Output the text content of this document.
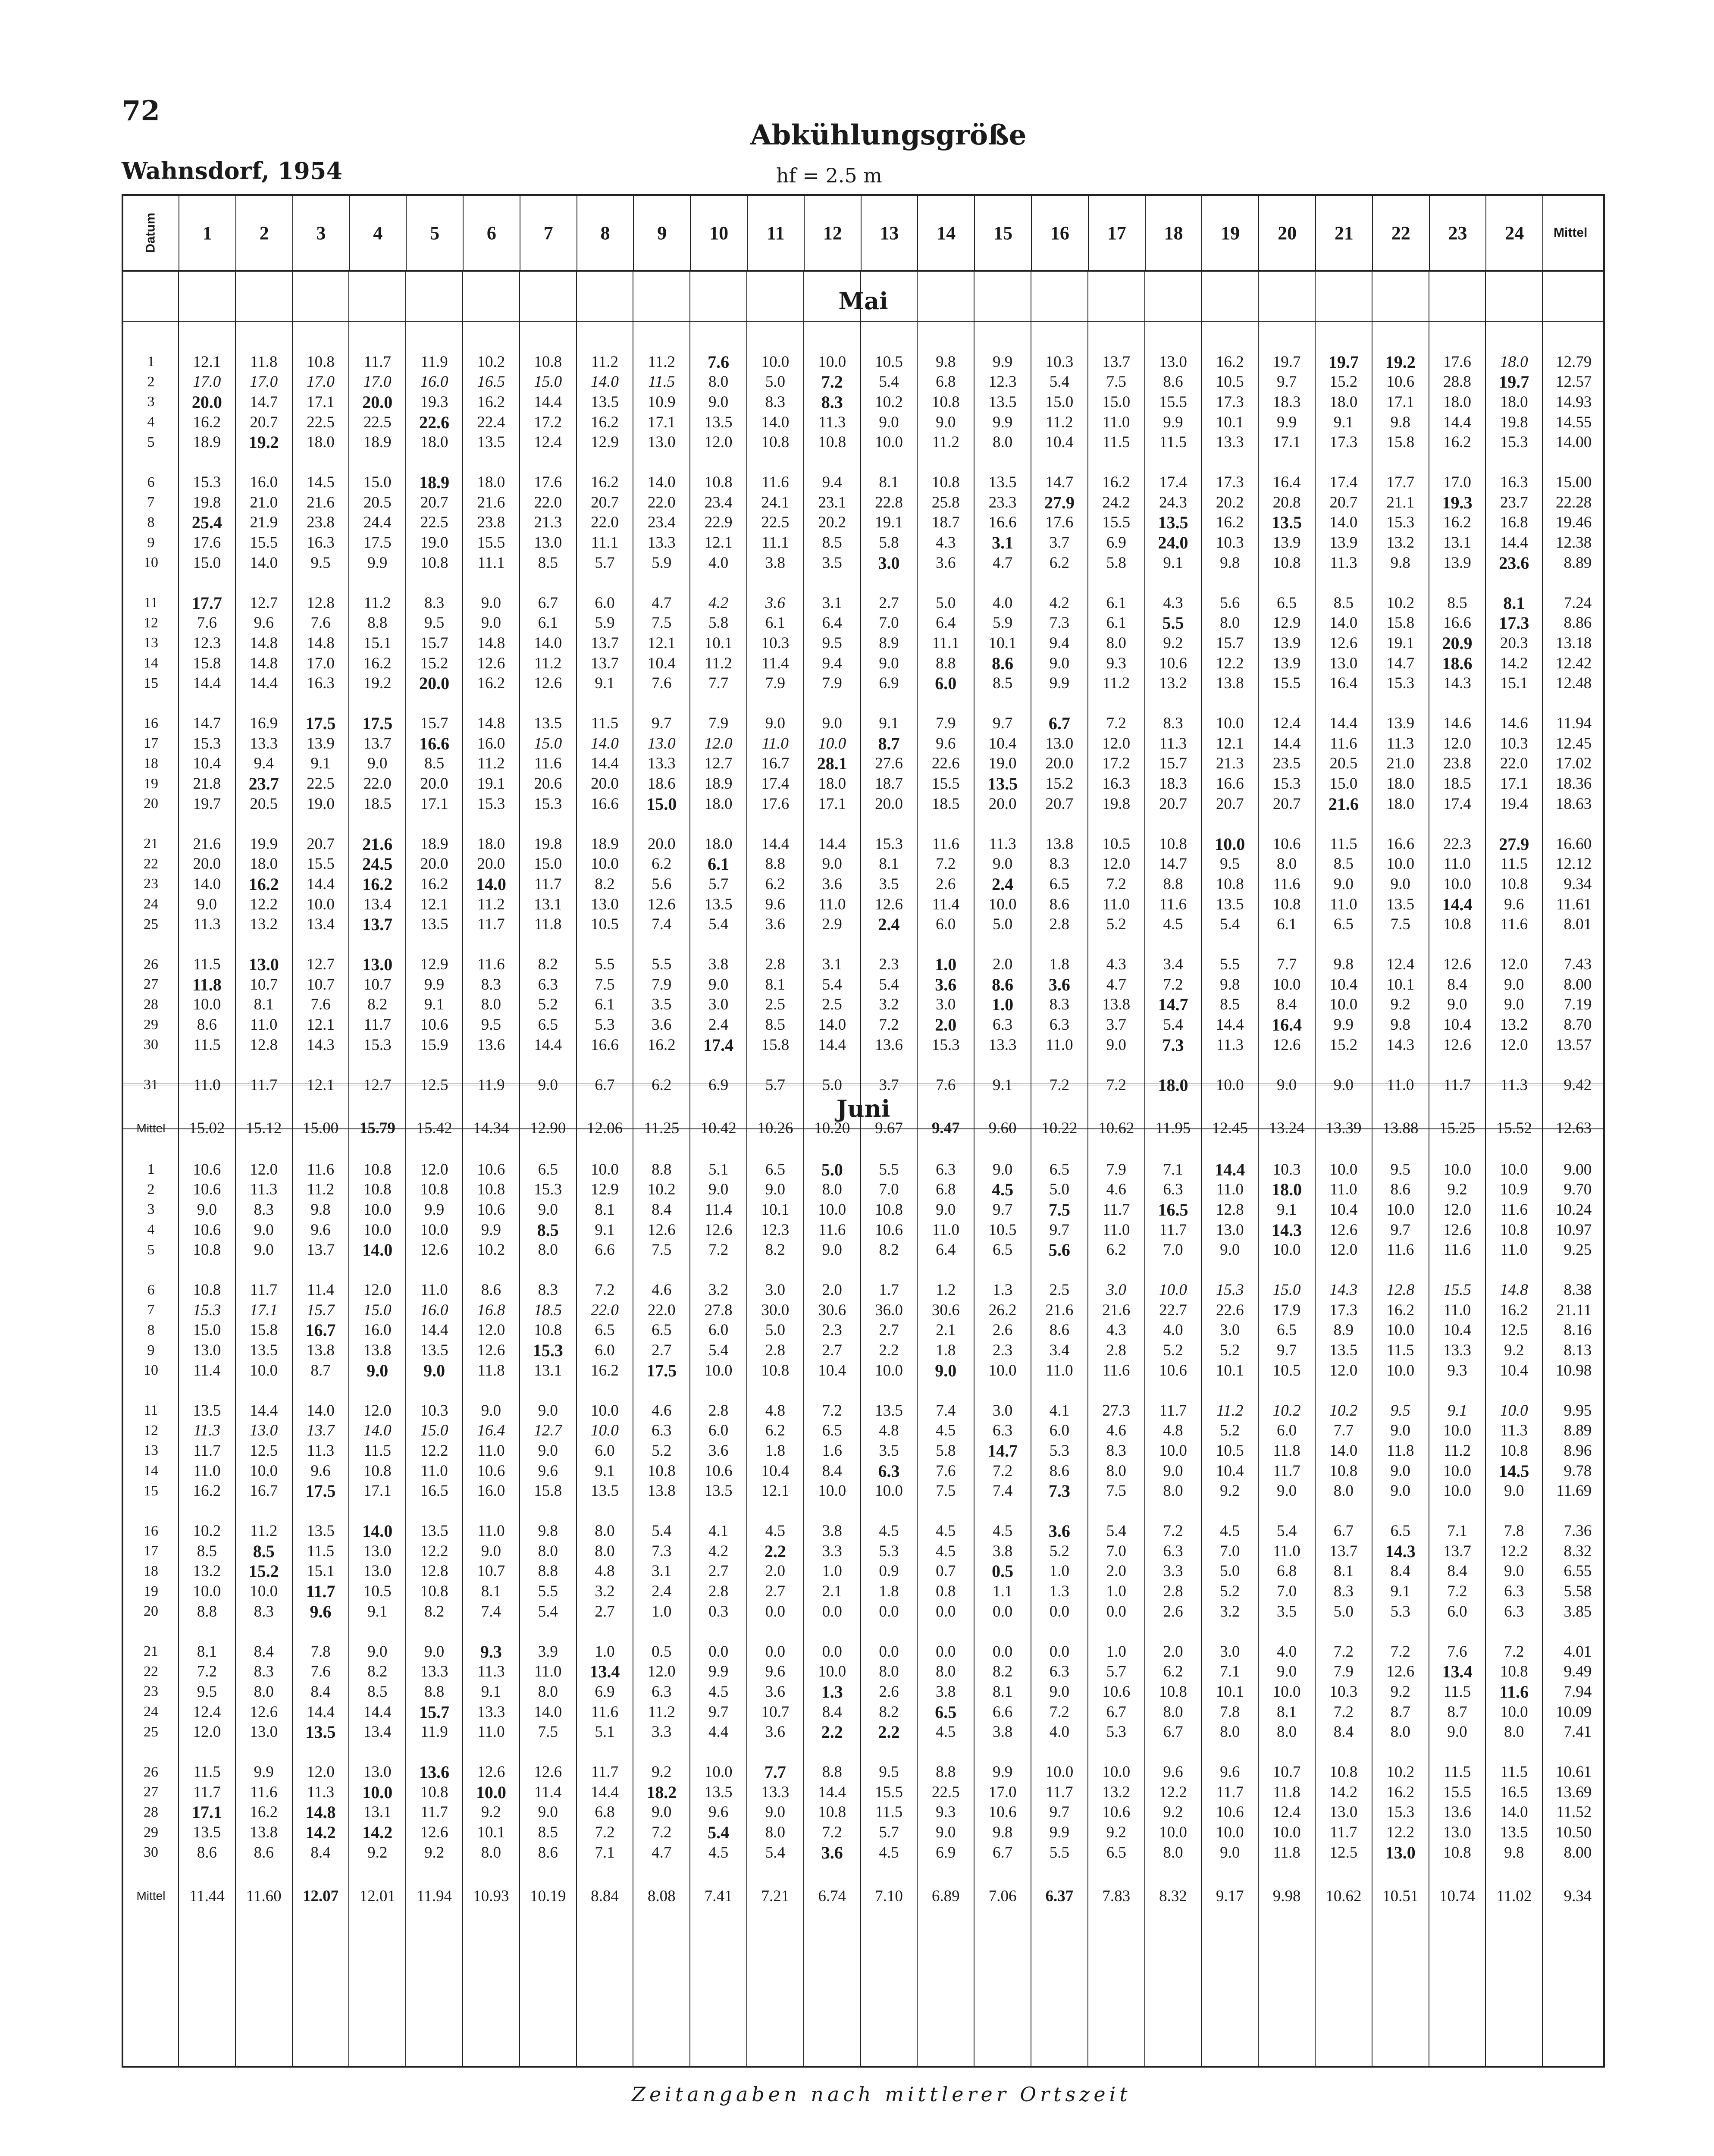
72
Wahnsdorf, 1954
Abkühlungsgröße
hf = 2.5 m
Datum	1	2	3	4	5	6	7	8	9	10	11	12	13	14	15	16	17	18	19	20	21	22	23	24	Mittel
Mai
1	12.1	11.8	10.8	11.7	11.9	10.2	10.8	11.2	11.2	7.6	10.0	10.0	10.5	9.8	9.9	10.3	13.7	13.0	16.2	19.7	19.7	19.2	17.6	18.0	12.79
2	17.0	17.0	17.0	17.0	16.0	16.5	15.0	14.0	11.5	8.0	5.0	7.2	5.4	6.8	12.3	5.4	7.5	8.6	10.5	9.7	15.2	10.6	28.8	19.7	12.57
3	20.0	14.7	17.1	20.0	19.3	16.2	14.4	13.5	10.9	9.0	8.3	8.3	10.2	10.8	13.5	15.0	15.0	15.5	17.3	18.3	18.0	17.1	18.0	18.0	14.93
4	16.2	20.7	22.5	22.5	22.6	22.4	17.2	16.2	17.1	13.5	14.0	11.3	9.0	9.0	9.9	11.2	11.0	9.9	10.1	9.9	9.1	9.8	14.4	19.8	14.55
5	18.9	19.2	18.0	18.9	18.0	13.5	12.4	12.9	13.0	12.0	10.8	10.8	10.0	11.2	8.0	10.4	11.5	11.5	13.3	17.1	17.3	15.8	16.2	15.3	14.00
6	15.3	16.0	14.5	15.0	18.9	18.0	17.6	16.2	14.0	10.8	11.6	9.4	8.1	10.8	13.5	14.7	16.2	17.4	17.3	16.4	17.4	17.7	17.0	16.3	15.00
7	19.8	21.0	21.6	20.5	20.7	21.6	22.0	20.7	22.0	23.4	24.1	23.1	22.8	25.8	23.3	27.9	24.2	24.3	20.2	20.8	20.7	21.1	19.3	23.7	22.28
8	25.4	21.9	23.8	24.4	22.5	23.8	21.3	22.0	23.4	22.9	22.5	20.2	19.1	18.7	16.6	17.6	15.5	13.5	16.2	13.5	14.0	15.3	16.2	16.8	19.46
9	17.6	15.5	16.3	17.5	19.0	15.5	13.0	11.1	13.3	12.1	11.1	8.5	5.8	4.3	3.1	3.7	6.9	24.0	10.3	13.9	13.9	13.2	13.1	14.4	12.38
10	15.0	14.0	9.5	9.9	10.8	11.1	8.5	5.7	5.9	4.0	3.8	3.5	3.0	3.6	4.7	6.2	5.8	9.1	9.8	10.8	11.3	9.8	13.9	23.6	8.89
11	17.7	12.7	12.8	11.2	8.3	9.0	6.7	6.0	4.7	4.2	3.6	3.1	2.7	5.0	4.0	4.2	6.1	4.3	5.6	6.5	8.5	10.2	8.5	8.1	7.24
12	7.6	9.6	7.6	8.8	9.5	9.0	6.1	5.9	7.5	5.8	6.1	6.4	7.0	6.4	5.9	7.3	6.1	5.5	8.0	12.9	14.0	15.8	16.6	17.3	8.86
13	12.3	14.8	14.8	15.1	15.7	14.8	14.0	13.7	12.1	10.1	10.3	9.5	8.9	11.1	10.1	9.4	8.0	9.2	15.7	13.9	12.6	19.1	20.9	20.3	13.18
14	15.8	14.8	17.0	16.2	15.2	12.6	11.2	13.7	10.4	11.2	11.4	9.4	9.0	8.8	8.6	9.0	9.3	10.6	12.2	13.9	13.0	14.7	18.6	14.2	12.42
15	14.4	14.4	16.3	19.2	20.0	16.2	12.6	9.1	7.6	7.7	7.9	7.9	6.9	6.0	8.5	9.9	11.2	13.2	13.8	15.5	16.4	15.3	14.3	15.1	12.48
16	14.7	16.9	17.5	17.5	15.7	14.8	13.5	11.5	9.7	7.9	9.0	9.0	9.1	7.9	9.7	6.7	7.2	8.3	10.0	12.4	14.4	13.9	14.6	14.6	11.94
17	15.3	13.3	13.9	13.7	16.6	16.0	15.0	14.0	13.0	12.0	11.0	10.0	8.7	9.6	10.4	13.0	12.0	11.3	12.1	14.4	11.6	11.3	12.0	10.3	12.45
18	10.4	9.4	9.1	9.0	8.5	11.2	11.6	14.4	13.3	12.7	16.7	28.1	27.6	22.6	19.0	20.0	17.2	15.7	21.3	23.5	20.5	21.0	23.8	22.0	17.02
19	21.8	23.7	22.5	22.0	20.0	19.1	20.6	20.0	18.6	18.9	17.4	18.0	18.7	15.5	13.5	15.2	16.3	18.3	16.6	15.3	15.0	18.0	18.5	17.1	18.36
20	19.7	20.5	19.0	18.5	17.1	15.3	15.3	16.6	15.0	18.0	17.6	17.1	20.0	18.5	20.0	20.7	19.8	20.7	20.7	20.7	21.6	18.0	17.4	19.4	18.63
21	21.6	19.9	20.7	21.6	18.9	18.0	19.8	18.9	20.0	18.0	14.4	14.4	15.3	11.6	11.3	13.8	10.5	10.8	10.0	10.6	11.5	16.6	22.3	27.9	16.60
22	20.0	18.0	15.5	24.5	20.0	20.0	15.0	10.0	6.2	6.1	8.8	9.0	8.1	7.2	9.0	8.3	12.0	14.7	9.5	8.0	8.5	10.0	11.0	11.5	12.12
23	14.0	16.2	14.4	16.2	16.2	14.0	11.7	8.2	5.6	5.7	6.2	3.6	3.5	2.6	2.4	6.5	7.2	8.8	10.8	11.6	9.0	9.0	10.0	10.8	9.34
24	9.0	12.2	10.0	13.4	12.1	11.2	13.1	13.0	12.6	13.5	9.6	11.0	12.6	11.4	10.0	8.6	11.0	11.6	13.5	10.8	11.0	13.5	14.4	9.6	11.61
25	11.3	13.2	13.4	13.7	13.5	11.7	11.8	10.5	7.4	5.4	3.6	2.9	2.4	6.0	5.0	2.8	5.2	4.5	5.4	6.1	6.5	7.5	10.8	11.6	8.01
26	11.5	13.0	12.7	13.0	12.9	11.6	8.2	5.5	5.5	3.8	2.8	3.1	2.3	1.0	2.0	1.8	4.3	3.4	5.5	7.7	9.8	12.4	12.6	12.0	7.43
27	11.8	10.7	10.7	10.7	9.9	8.3	6.3	7.5	7.9	9.0	8.1	5.4	5.4	3.6	8.6	3.6	4.7	7.2	9.8	10.0	10.4	10.1	8.4	9.0	8.00
28	10.0	8.1	7.6	8.2	9.1	8.0	5.2	6.1	3.5	3.0	2.5	2.5	3.2	3.0	1.0	8.3	13.8	14.7	8.5	8.4	10.0	9.2	9.0	9.0	7.19
29	8.6	11.0	12.1	11.7	10.6	9.5	6.5	5.3	3.6	2.4	8.5	14.0	7.2	2.0	6.3	6.3	3.7	5.4	14.4	16.4	9.9	9.8	10.4	13.2	8.70
30	11.5	12.8	14.3	15.3	15.9	13.6	14.4	16.6	16.2	17.4	15.8	14.4	13.6	15.3	13.3	11.0	9.0	7.3	11.3	12.6	15.2	14.3	12.6	12.0	13.57
31	11.0	11.7	12.1	12.7	12.5	11.9	9.0	6.7	6.2	6.9	5.7	5.0	3.7	7.6	9.1	7.2	7.2	18.0	10.0	9.0	9.0	11.0	11.7	11.3	9.42
Mittel	15.02	15.12	15.00	15.79	15.42	14.34	12.90	12.06	11.25	10.42	10.26	10.20	9.67	9.47	9.60	10.22	10.62	11.95	12.45	13.24	13.39	13.88	15.25	15.52	12.63
Juni
1	10.6	12.0	11.6	10.8	12.0	10.6	6.5	10.0	8.8	5.1	6.5	5.0	5.5	6.3	9.0	6.5	7.9	7.1	14.4	10.3	10.0	9.5	10.0	10.0	9.00
2	10.6	11.3	11.2	10.8	10.8	10.8	15.3	12.9	10.2	9.0	9.0	8.0	7.0	6.8	4.5	5.0	4.6	6.3	11.0	18.0	11.0	8.6	9.2	10.9	9.70
3	9.0	8.3	9.8	10.0	9.9	10.6	9.0	8.1	8.4	11.4	10.1	10.0	10.8	9.0	9.7	7.5	11.7	16.5	12.8	9.1	10.4	10.0	12.0	11.6	10.24
4	10.6	9.0	9.6	10.0	10.0	9.9	8.5	9.1	12.6	12.6	12.3	11.6	10.6	11.0	10.5	9.7	11.0	11.7	13.0	14.3	12.6	9.7	12.6	10.8	10.97
5	10.8	9.0	13.7	14.0	12.6	10.2	8.0	6.6	7.5	7.2	8.2	9.0	8.2	6.4	6.5	5.6	6.2	7.0	9.0	10.0	12.0	11.6	11.6	11.0	9.25
6	10.8	11.7	11.4	12.0	11.0	8.6	8.3	7.2	4.6	3.2	3.0	2.0	1.7	1.2	1.3	2.5	3.0	10.0	15.3	15.0	14.3	12.8	15.5	14.8	8.38
7	15.3	17.1	15.7	15.0	16.0	16.8	18.5	22.0	22.0	27.8	30.0	30.6	36.0	30.6	26.2	21.6	21.6	22.7	22.6	17.9	17.3	16.2	11.0	16.2	21.11
8	15.0	15.8	16.7	16.0	14.4	12.0	10.8	6.5	6.5	6.0	5.0	2.3	2.7	2.1	2.6	8.6	4.3	4.0	3.0	6.5	8.9	10.0	10.4	12.5	8.16
9	13.0	13.5	13.8	13.8	13.5	12.6	15.3	6.0	2.7	5.4	2.8	2.7	2.2	1.8	2.3	3.4	2.8	5.2	5.2	9.7	13.5	11.5	13.3	9.2	8.13
10	11.4	10.0	8.7	9.0	9.0	11.8	13.1	16.2	17.5	10.0	10.8	10.4	10.0	9.0	10.0	11.0	11.6	10.6	10.1	10.5	12.0	10.0	9.3	10.4	10.98
11	13.5	14.4	14.0	12.0	10.3	9.0	9.0	10.0	4.6	2.8	4.8	7.2	13.5	7.4	3.0	4.1	27.3	11.7	11.2	10.2	10.2	9.5	9.1	10.0	9.95
12	11.3	13.0	13.7	14.0	15.0	16.4	12.7	10.0	6.3	6.0	6.2	6.5	4.8	4.5	6.3	6.0	4.6	4.8	5.2	6.0	7.7	9.0	10.0	11.3	8.89
13	11.7	12.5	11.3	11.5	12.2	11.0	9.0	6.0	5.2	3.6	1.8	1.6	3.5	5.8	14.7	5.3	8.3	10.0	10.5	11.8	14.0	11.8	11.2	10.8	8.96
14	11.0	10.0	9.6	10.8	11.0	10.6	9.6	9.1	10.8	10.6	10.4	8.4	6.3	7.6	7.2	8.6	8.0	9.0	10.4	11.7	10.8	9.0	10.0	14.5	9.78
15	16.2	16.7	17.5	17.1	16.5	16.0	15.8	13.5	13.8	13.5	12.1	10.0	10.0	7.5	7.4	7.3	7.5	8.0	9.2	9.0	8.0	9.0	10.0	9.0	11.69
16	10.2	11.2	13.5	14.0	13.5	11.0	9.8	8.0	5.4	4.1	4.5	3.8	4.5	4.5	4.5	3.6	5.4	7.2	4.5	5.4	6.7	6.5	7.1	7.8	7.36
17	8.5	8.5	11.5	13.0	12.2	9.0	8.0	8.0	7.3	4.2	2.2	3.3	5.3	4.5	3.8	5.2	7.0	6.3	7.0	11.0	13.7	14.3	13.7	12.2	8.32
18	13.2	15.2	15.1	13.0	12.8	10.7	8.8	4.8	3.1	2.7	2.0	1.0	0.9	0.7	0.5	1.0	2.0	3.3	5.0	6.8	8.1	8.4	8.4	9.0	6.55
19	10.0	10.0	11.7	10.5	10.8	8.1	5.5	3.2	2.4	2.8	2.7	2.1	1.8	0.8	1.1	1.3	1.0	2.8	5.2	7.0	8.3	9.1	7.2	6.3	5.58
20	8.8	8.3	9.6	9.1	8.2	7.4	5.4	2.7	1.0	0.3	0.0	0.0	0.0	0.0	0.0	0.0	0.0	2.6	3.2	3.5	5.0	5.3	6.0	6.3	3.85
21	8.1	8.4	7.8	9.0	9.0	9.3	3.9	1.0	0.5	0.0	0.0	0.0	0.0	0.0	0.0	0.0	1.0	2.0	3.0	4.0	7.2	7.2	7.6	7.2	4.01
22	7.2	8.3	7.6	8.2	13.3	11.3	11.0	13.4	12.0	9.9	9.6	10.0	8.0	8.0	8.2	6.3	5.7	6.2	7.1	9.0	7.9	12.6	13.4	10.8	9.49
23	9.5	8.0	8.4	8.5	8.8	9.1	8.0	6.9	6.3	4.5	3.6	1.3	2.6	3.8	8.1	9.0	10.6	10.8	10.1	10.0	10.3	9.2	11.5	11.6	7.94
24	12.4	12.6	14.4	14.4	15.7	13.3	14.0	11.6	11.2	9.7	10.7	8.4	8.2	6.5	6.6	7.2	6.7	8.0	7.8	8.1	7.2	8.7	8.7	10.0	10.09
25	12.0	13.0	13.5	13.4	11.9	11.0	7.5	5.1	3.3	4.4	3.6	2.2	2.2	4.5	3.8	4.0	5.3	6.7	8.0	8.0	8.4	8.0	9.0	8.0	7.41
26	11.5	9.9	12.0	13.0	13.6	12.6	12.6	11.7	9.2	10.0	7.7	8.8	9.5	8.8	9.9	10.0	10.0	9.6	9.6	10.7	10.8	10.2	11.5	11.5	10.61
27	11.7	11.6	11.3	10.0	10.8	10.0	11.4	14.4	18.2	13.5	13.3	14.4	15.5	22.5	17.0	11.7	13.2	12.2	11.7	11.8	14.2	16.2	15.5	16.5	13.69
28	17.1	16.2	14.8	13.1	11.7	9.2	9.0	6.8	9.0	9.6	9.0	10.8	11.5	9.3	10.6	9.7	10.6	9.2	10.6	12.4	13.0	15.3	13.6	14.0	11.52
29	13.5	13.8	14.2	14.2	12.6	10.1	8.5	7.2	7.2	5.4	8.0	7.2	5.7	9.0	9.8	9.9	9.2	10.0	10.0	10.0	11.7	12.2	13.0	13.5	10.50
30	8.6	8.6	8.4	9.2	9.2	8.0	8.6	7.1	4.7	4.5	5.4	3.6	4.5	6.9	6.7	5.5	6.5	8.0	9.0	11.8	12.5	13.0	10.8	9.8	8.00
Mittel	11.44	11.60	12.07	12.01	11.94	10.93	10.19	8.84	8.08	7.41	7.21	6.74	7.10	6.89	7.06	6.37	7.83	8.32	9.17	9.98	10.62	10.51	10.74	11.02	9.34
Zeitangaben nach mittlerer Ortszeit
